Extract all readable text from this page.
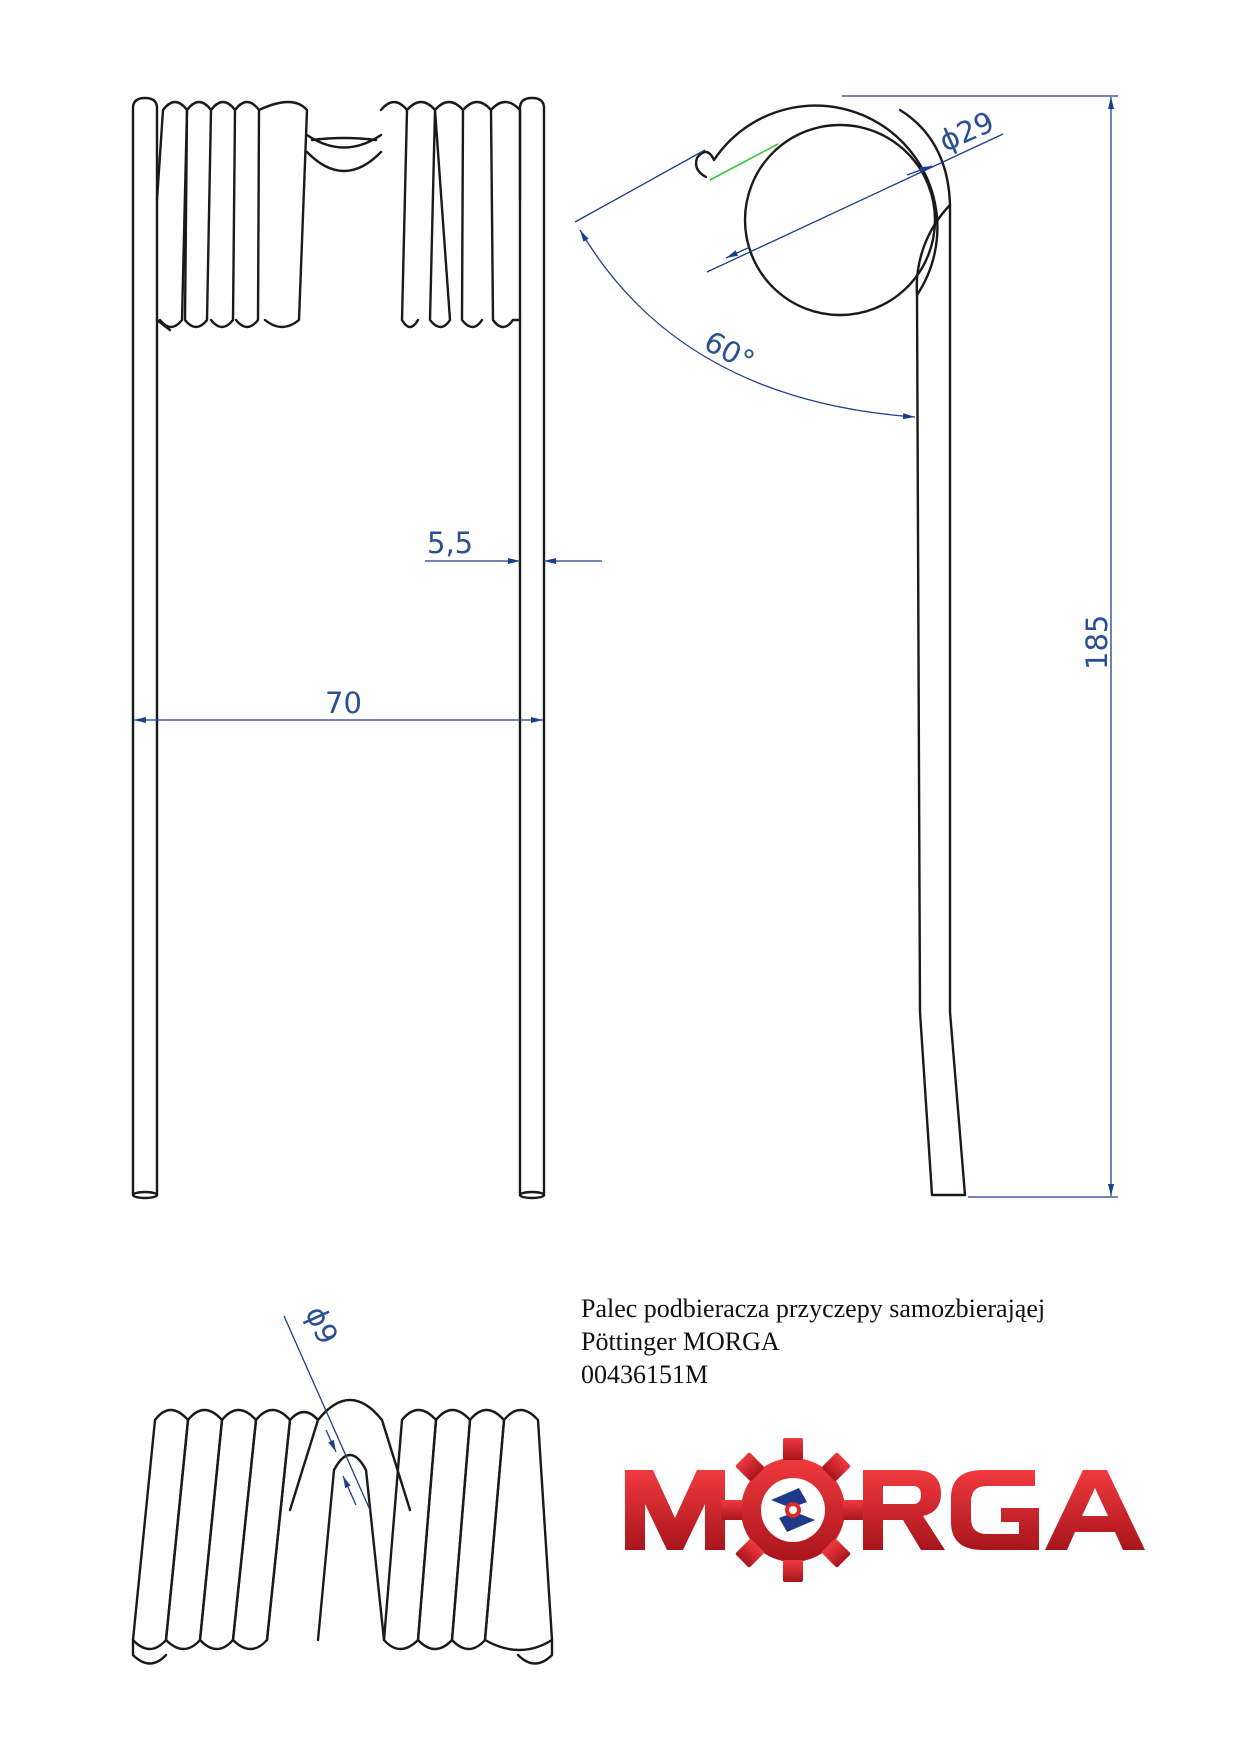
70
5,5
185
ϕ29
60°
ϕ9	Palec podbieracza przyczepy samozbierająej
Pöttinger MORGA
00436151M
